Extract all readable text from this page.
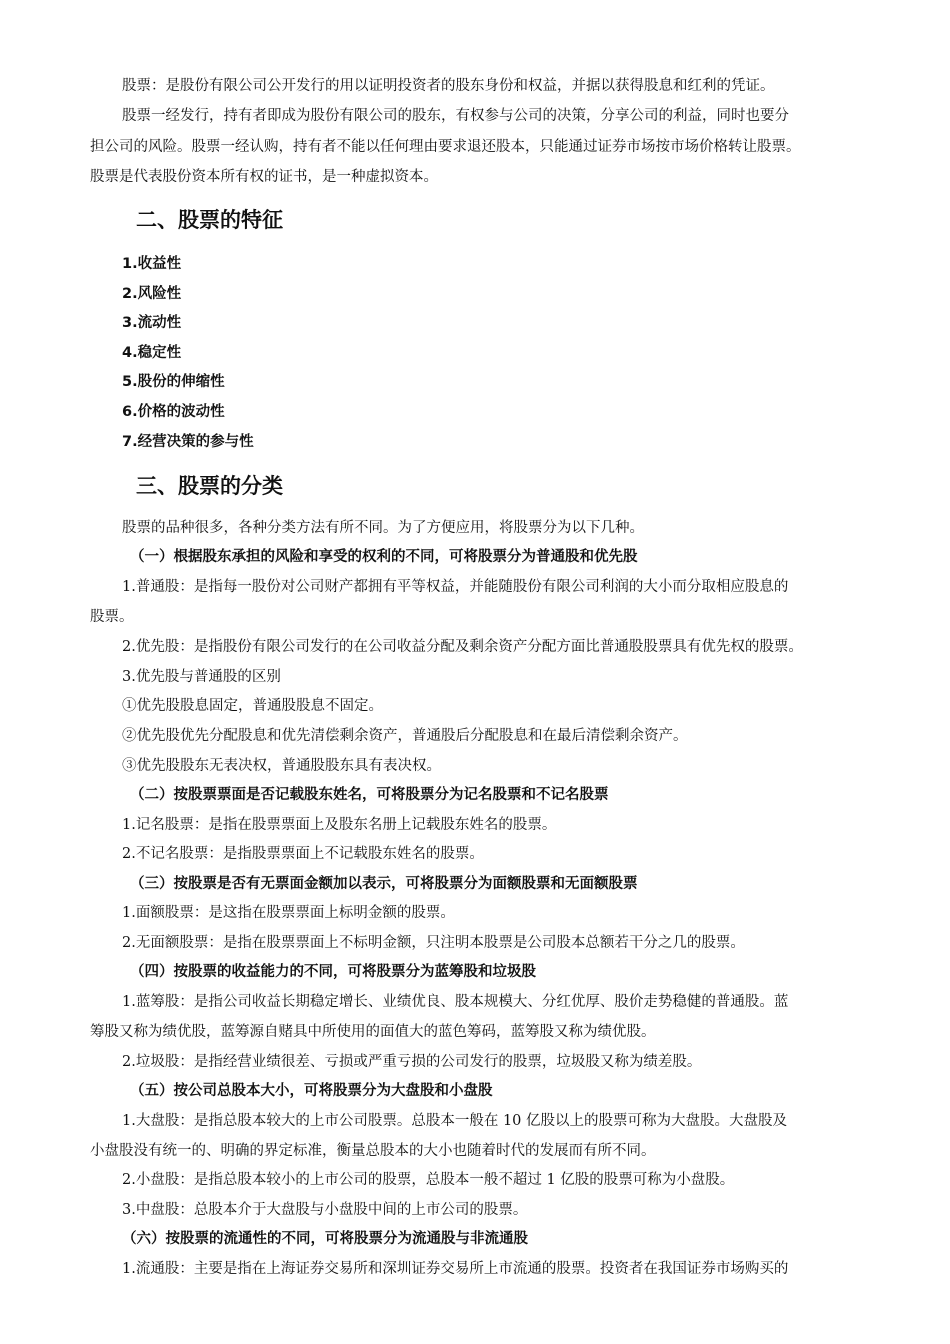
股票：是股份有限公司公开发行的用以证明投资者的股东身份和权益，并据以获得股息和红利的凭证。

股票一经发行，持有者即成为股份有限公司的股东，有权参与公司的决策，分享公司的利益，同时也要分

担公司的风险。股票一经认购，持有者不能以任何理由要求退还股本，只能通过证券市场按市场价格转让股票。

股票是代表股份资本所有权的证书，是一种虚拟资本。

二、股票的特征
1.收益性
2.风险性
3.流动性
4.稳定性
5.股份的伸缩性
6.价格的波动性
7.经营决策的参与性
三、股票的分类

股票的品种很多，各种分类方法有所不同。为了方便应用，将股票分为以下几种。

（一）根据股东承担的风险和享受的权利的不同，可将股票分为普通股和优先股

1.普通股：是指每一股份对公司财产都拥有平等权益，并能随股份有限公司利润的大小而分取相应股息的

股票。

2.优先股：是指股份有限公司发行的在公司收益分配及剩余资产分配方面比普通股股票具有优先权的股票。

3.优先股与普通股的区别

①优先股股息固定，普通股股息不固定。

②优先股优先分配股息和优先清偿剩余资产，普通股后分配股息和在最后清偿剩余资产。

③优先股股东无表决权，普通股股东具有表决权。

（二）按股票票面是否记载股东姓名，可将股票分为记名股票和不记名股票

1.记名股票：是指在股票票面上及股东名册上记载股东姓名的股票。

2.不记名股票：是指股票票面上不记载股东姓名的股票。

（三）按股票是否有无票面金额加以表示，可将股票分为面额股票和无面额股票

1.面额股票：是这指在股票票面上标明金额的股票。

2.无面额股票：是指在股票票面上不标明金额，只注明本股票是公司股本总额若干分之几的股票。

（四）按股票的收益能力的不同，可将股票分为蓝筹股和垃圾股

1.蓝筹股：是指公司收益长期稳定增长、业绩优良、股本规模大、分红优厚、股价走势稳健的普通股。蓝

筹股又称为绩优股，蓝筹源自赌具中所使用的面值大的蓝色筹码，蓝筹股又称为绩优股。

2.垃圾股：是指经营业绩很差、亏损或严重亏损的公司发行的股票，垃圾股又称为绩差股。

（五）按公司总股本大小，可将股票分为大盘股和小盘股

1.大盘股：是指总股本较大的上市公司股票。总股本一般在 10 亿股以上的股票可称为大盘股。大盘股及

小盘股没有统一的、明确的界定标准，衡量总股本的大小也随着时代的发展而有所不同。

2.小盘股：是指总股本较小的上市公司的股票，总股本一般不超过 1 亿股的股票可称为小盘股。

3.中盘股：总股本介于大盘股与小盘股中间的上市公司的股票。

（六）按股票的流通性的不同，可将股票分为流通股与非流通股

1.流通股：主要是指在上海证券交易所和深圳证券交易所上市流通的股票。投资者在我国证券市场购买的
